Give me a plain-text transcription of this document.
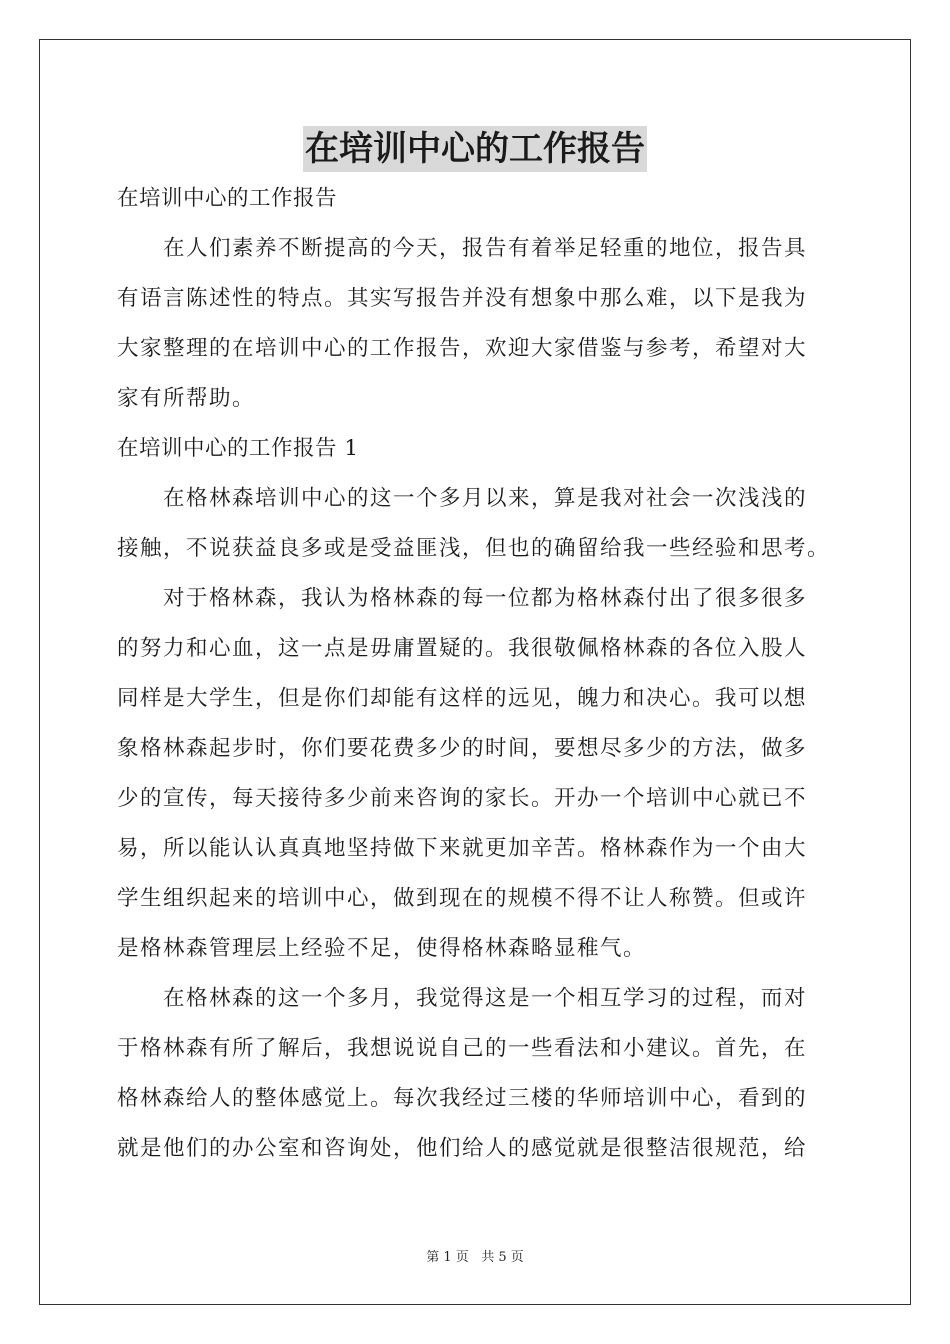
在培训中心的工作报告
在培训中心的工作报告
在人们素养不断提高的今天，报告有着举足轻重的地位，报告具
有语言陈述性的特点。其实写报告并没有想象中那么难，以下是我为
大家整理的在培训中心的工作报告，欢迎大家借鉴与参考，希望对大
家有所帮助。
在培训中心的工作报告 1
在格林森培训中心的这一个多月以来，算是我对社会一次浅浅的
接触，不说获益良多或是受益匪浅，但也的确留给我一些经验和思考。
对于格林森，我认为格林森的每一位都为格林森付出了很多很多
的努力和心血，这一点是毋庸置疑的。我很敬佩格林森的各位入股人
同样是大学生，但是你们却能有这样的远见，魄力和决心。我可以想
象格林森起步时，你们要花费多少的时间，要想尽多少的方法，做多
少的宣传，每天接待多少前来咨询的家长。开办一个培训中心就已不
易，所以能认认真真地坚持做下来就更加辛苦。格林森作为一个由大
学生组织起来的培训中心，做到现在的规模不得不让人称赞。但或许
是格林森管理层上经验不足，使得格林森略显稚气。
在格林森的这一个多月，我觉得这是一个相互学习的过程，而对
于格林森有所了解后，我想说说自己的一些看法和小建议。首先，在
格林森给人的整体感觉上。每次我经过三楼的华师培训中心，看到的
就是他们的办公室和咨询处，他们给人的感觉就是很整洁很规范，给
第 1 页   共 5 页
